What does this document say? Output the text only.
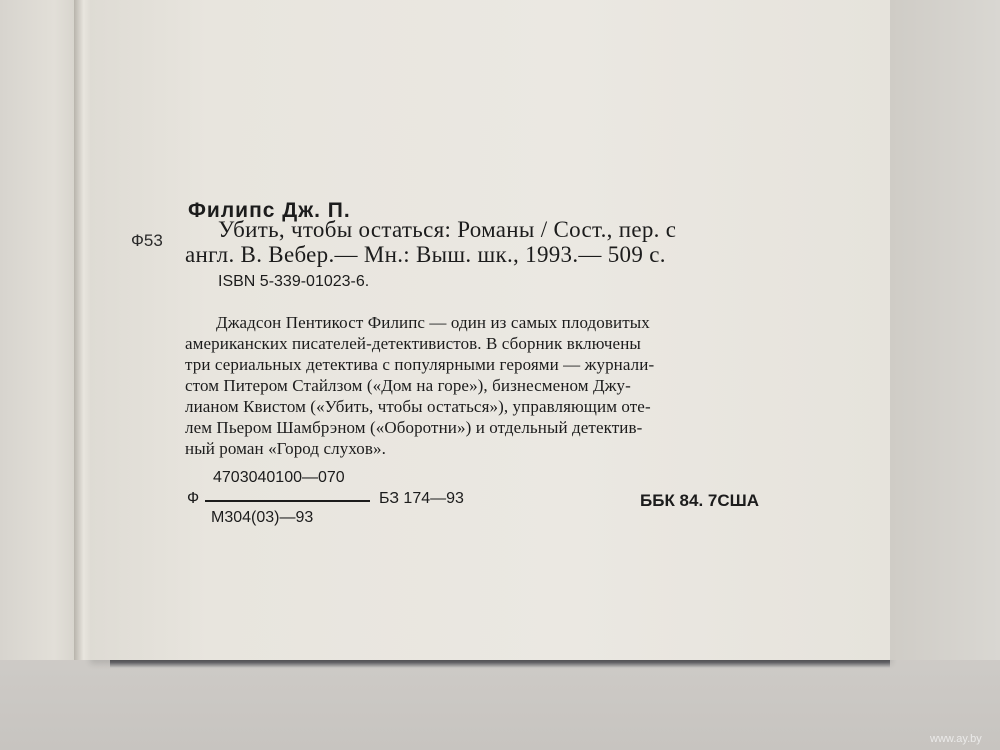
Филипс Дж. П.
Ф53 Убить, чтобы остаться: Романы / Сост., пер. с
англ. В. Вебер.— Мн.: Выш. шк., 1993.— 509 с.
ISBN 5-339-01023-6.
Джадсон Пентикост Филипс — один из самых плодовитых
американских писателей-детективистов. В сборник включены
три сериальных детектива с популярными героями — журнали-
стом Питером Стайлзом («Дом на горе»), бизнесменом Джу-
лианом Квистом («Убить, чтобы остаться»), управляющим оте-
лем Пьером Шамбрэном («Оборотни») и отдельный детектив-
ный роман «Город слухов».
4703040100—070
Ф
М304(03)—93
БЗ 174—93	ББК 84. 7США
www.ay.by
